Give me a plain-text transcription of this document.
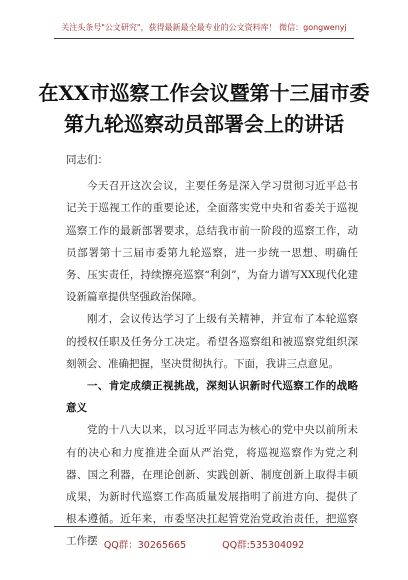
关注头条号"公文研究"，获得最新最全最专业的公文资料库！ 微信：gongwenyj
在XX市巡察工作会议暨第十三届市委
第九轮巡察动员部署会上的讲话

同志们：

今天召开这次会议，主要任务是深入学习贯彻习近平总书记关于巡视工作的重要论述，全面落实党中央和省委关于巡视巡察工作的最新部署要求，总结我市前一阶段的巡察工作，动员部署第十三届市委第九轮巡察，进一步统一思想、明确任务、压实责任，持续擦亮巡察“利剑”，为奋力谱写XX现代化建设新篇章提供坚强政治保障。

刚才，会议传达学习了上级有关精神，并宣布了本轮巡察的授权任职及任务分工决定。希望各巡察组和被巡察党组织深刻领会、准确把握，坚决贯彻执行。下面，我讲三点意见。

一、肯定成绩正视挑战，深刻认识新时代巡察工作的战略意义

党的十八大以来，以习近平同志为核心的党中央以前所未有的决心和力度推进全面从严治党，将巡视巡察作为党之利器、国之利器，在理论创新、实践创新、制度创新上取得丰硕成果，为新时代巡察工作高质量发展指明了前进方向、提供了根本遵循。近年来，市委坚决扛起管党治党政治责任，把巡察工作摆 QQ群：30265665	QQ群:535304092
